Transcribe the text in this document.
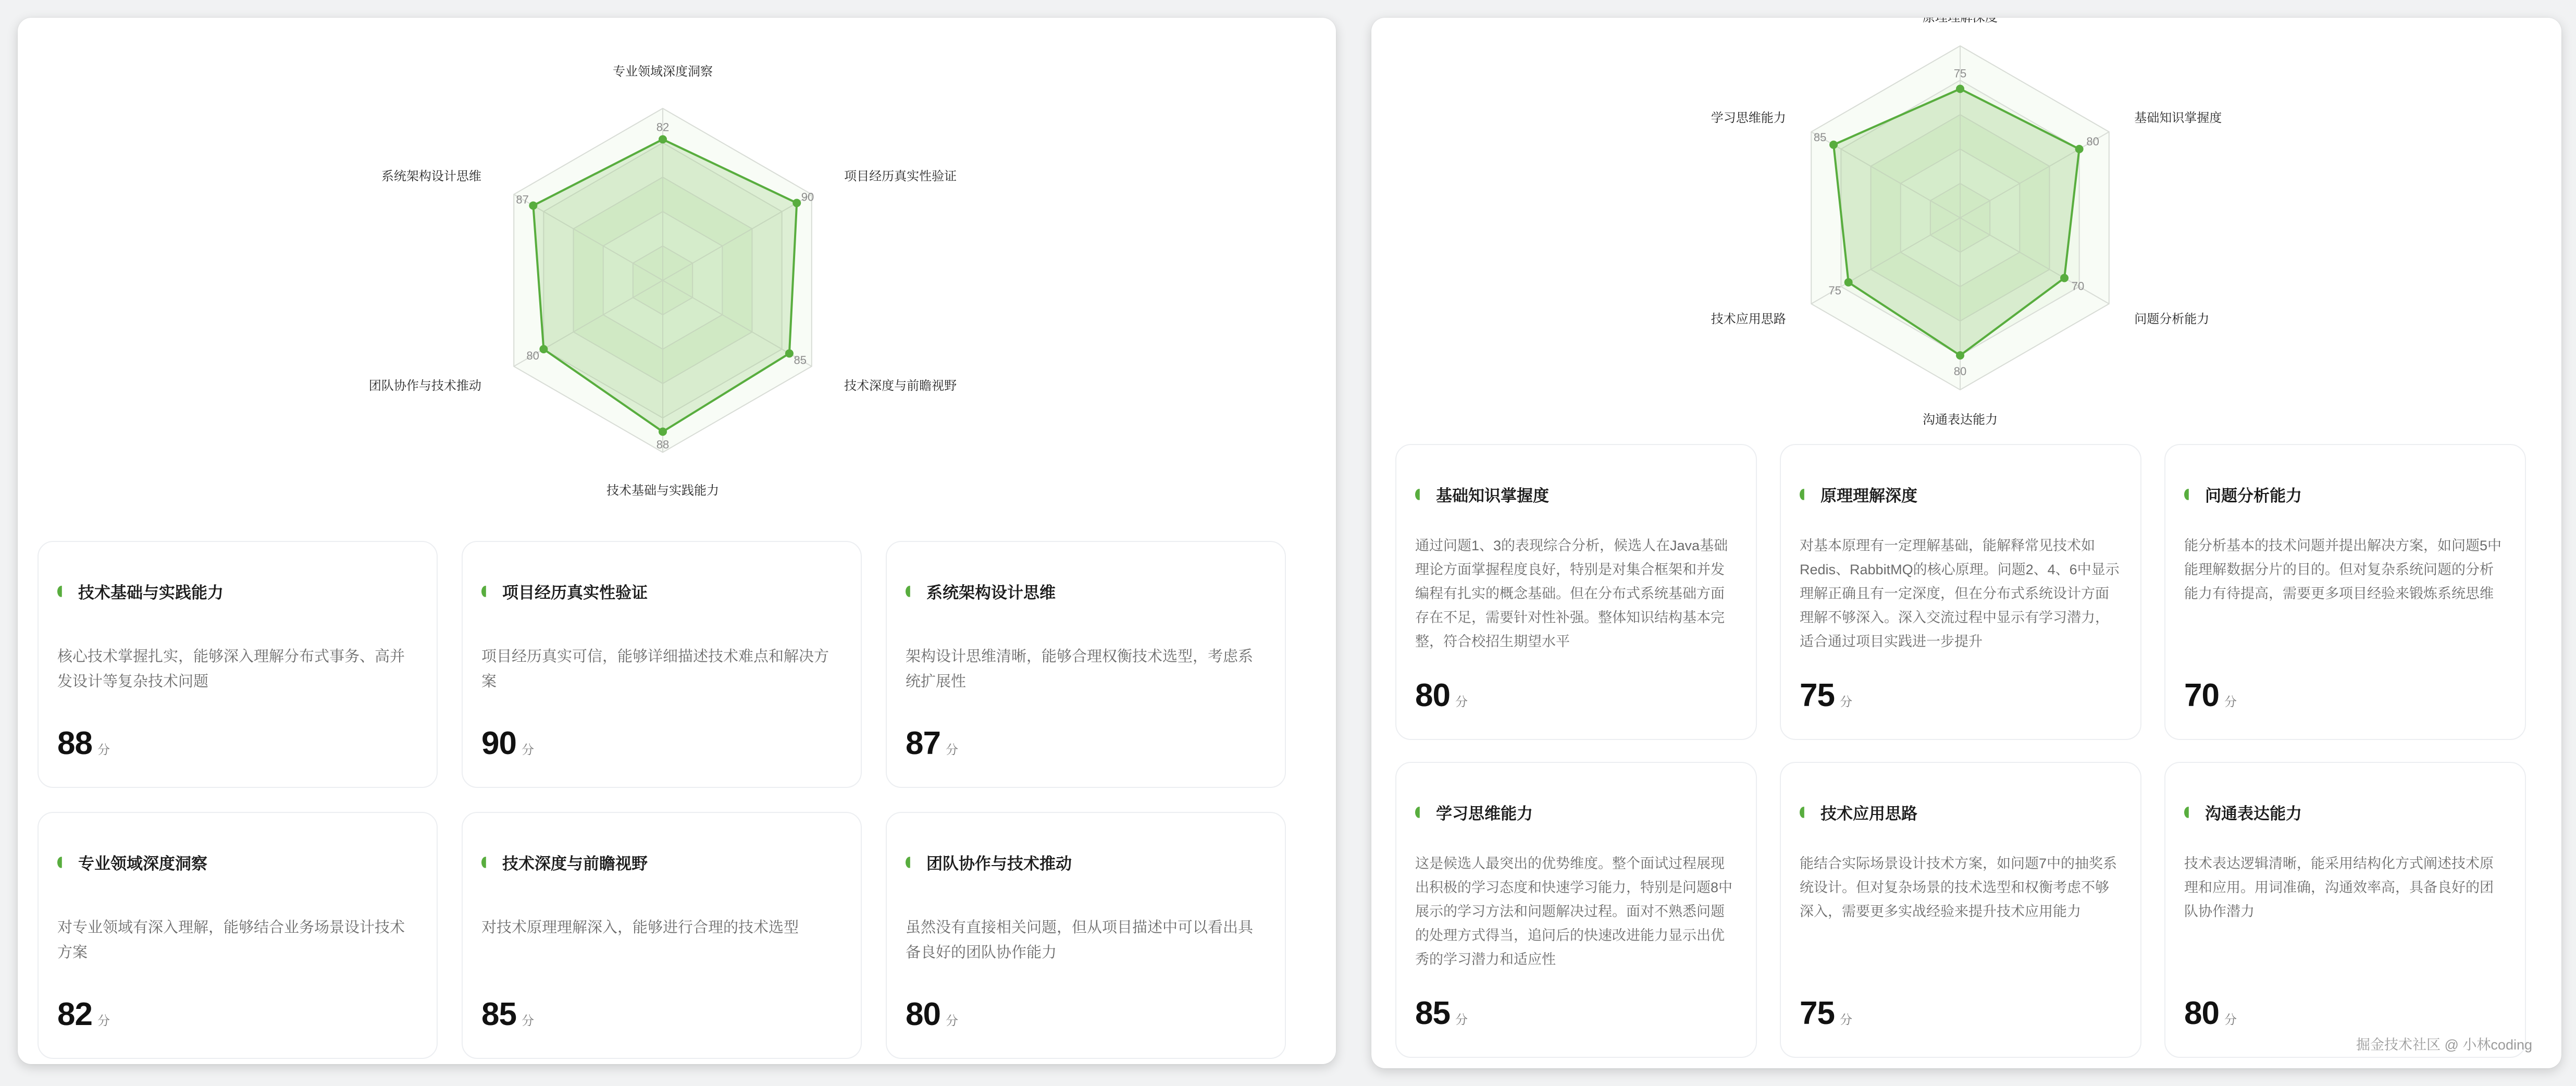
82
专业领域深度洞察
90
项目经历真实性验证
85
技术深度与前瞻视野
88
技术基础与实践能力
80
团队协作与技术推动
87
系统架构设计思维
技术基础与实践能力
核心技术掌握扎实，能够深入理解分布式事务、高并发设计等复杂技术问题
88 分
项目经历真实性验证
项目经历真实可信，能够详细描述技术难点和解决方案
90 分
系统架构设计思维
架构设计思维清晰，能够合理权衡技术选型，考虑系统扩展性
87 分
专业领域深度洞察
对专业领域有深入理解，能够结合业务场景设计技术方案
82 分
技术深度与前瞻视野
对技术原理理解深入，能够进行合理的技术选型
85 分
团队协作与技术推动
虽然没有直接相关问题，但从项目描述中可以看出具备良好的团队协作能力
80 分
75
原理理解深度
80
基础知识掌握度
70
问题分析能力
80
沟通表达能力
75
技术应用思路
85
学习思维能力
基础知识掌握度
通过问题1、3的表现综合分析，候选人在Java基础理论方面掌握程度良好，特别是对集合框架和并发编程有扎实的概念基础。但在分布式系统基础方面存在不足，需要针对性补强。整体知识结构基本完整，符合校招生期望水平
80 分
原理理解深度
对基本原理有一定理解基础，能解释常见技术如Redis、RabbitMQ的核心原理。问题2、4、6中显示理解正确且有一定深度，但在分布式系统设计方面理解不够深入。深入交流过程中显示有学习潜力，适合通过项目实践进一步提升
75 分
问题分析能力
能分析基本的技术问题并提出解决方案，如问题5中能理解数据分片的目的。但对复杂系统问题的分析能力有待提高，需要更多项目经验来锻炼系统思维
70 分
学习思维能力
这是候选人最突出的优势维度。整个面试过程展现出积极的学习态度和快速学习能力，特别是问题8中展示的学习方法和问题解决过程。面对不熟悉问题的处理方式得当，追问后的快速改进能力显示出优秀的学习潜力和适应性
85 分
技术应用思路
能结合实际场景设计技术方案，如问题7中的抽奖系统设计。但对复杂场景的技术选型和权衡考虑不够深入，需要更多实战经验来提升技术应用能力
75 分
沟通表达能力
技术表达逻辑清晰，能采用结构化方式阐述技术原理和应用。用词准确，沟通效率高，具备良好的团队协作潜力
80 分
掘金技术社区 @ 小林coding
